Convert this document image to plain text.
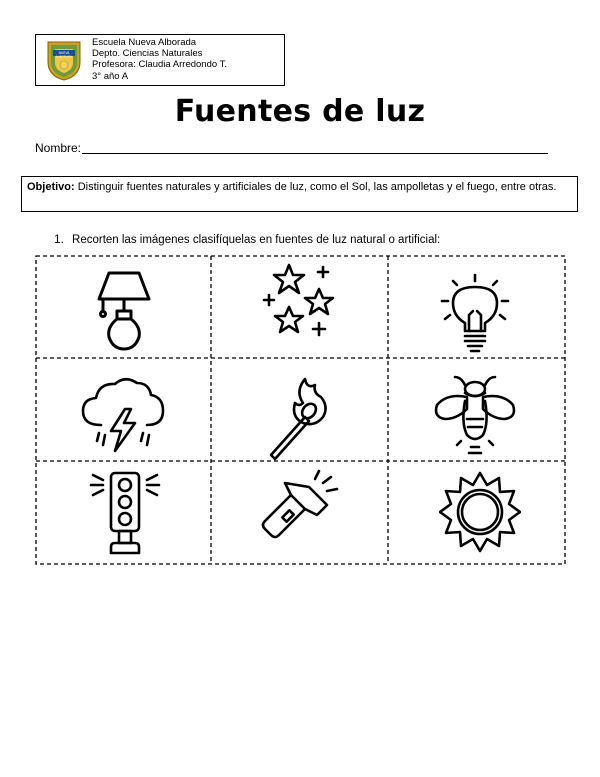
NUEVA
ALBORADA
Escuela Nueva Alborada
Depto. Ciencias Naturales
Profesora: Claudia Arredondo T.
3° año A
Fuentes de luz
Nombre:
Objetivo: Distinguir fuentes naturales y artificiales de luz, como el Sol, las ampolletas y el fuego, entre otras.
1. Recorten las imágenes clasifíquelas en fuentes de luz natural o artificial:
